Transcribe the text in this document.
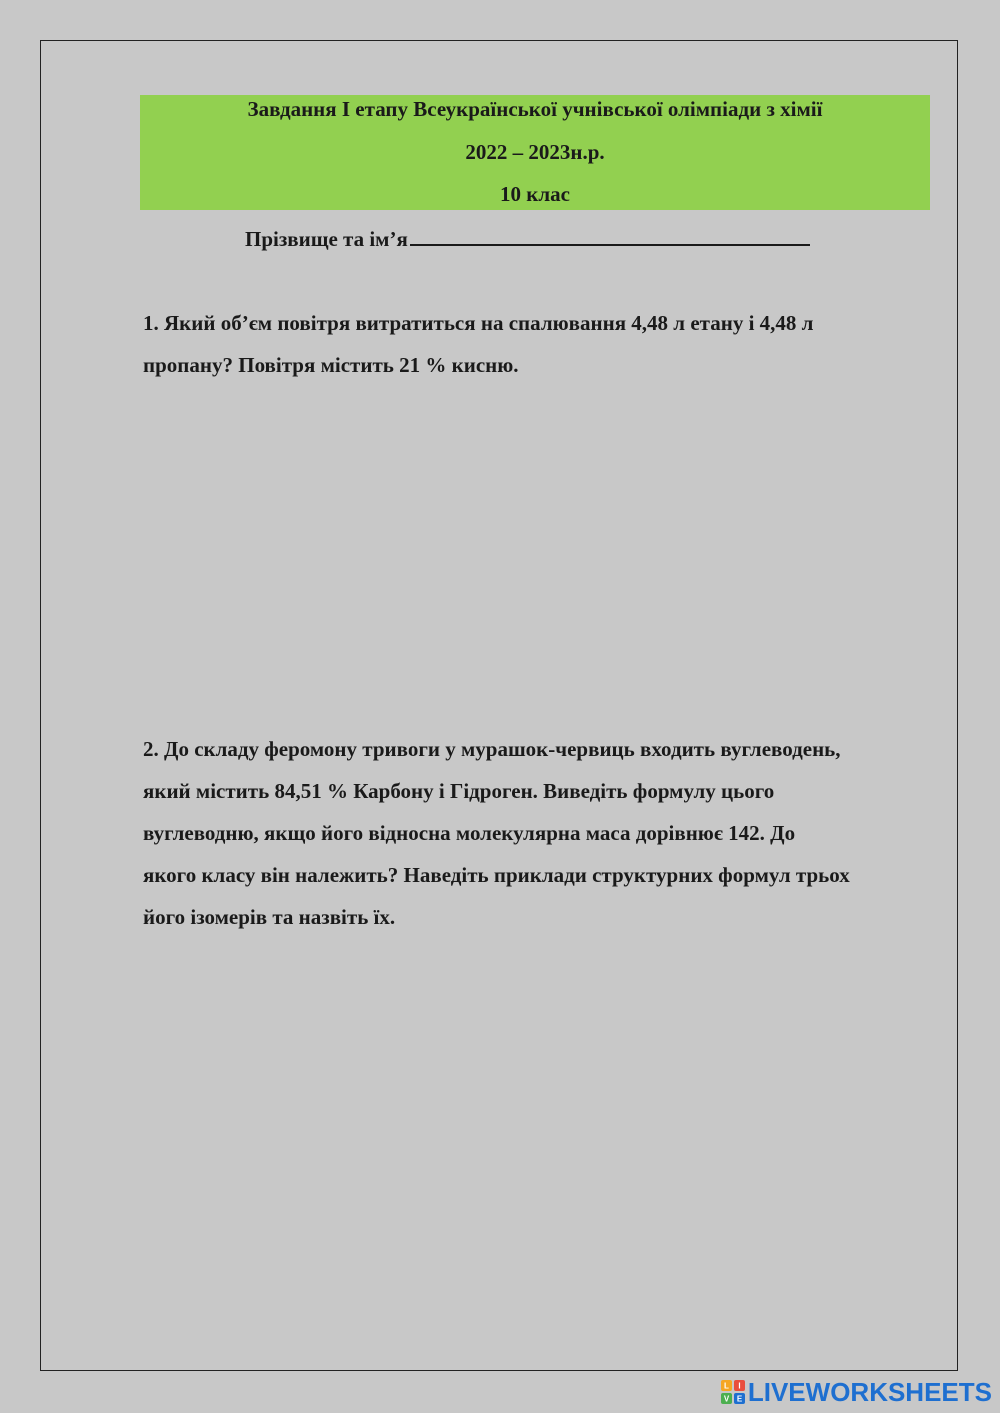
Завдання І етапу Всеукраїнської учнівської олімпіади з хімії
2022 – 2023н.р.
10 клас
Прізвище та ім’я
1. Який об’єм повітря витратиться на спалювання 4,48 л етану і 4,48 л
пропану? Повітря містить 21 % кисню.
2. До складу феромону тривоги у мурашок-червиць входить вуглеводень,
який містить 84,51 % Карбону і Гідроген. Виведіть формулу цього
вуглеводню, якщо його відносна молекулярна маса дорівнює 142. До
якого класу він належить? Наведіть приклади структурних формул трьох
його ізомерів та назвіть їх.
L I
V E LIVEWORKSHEETS
